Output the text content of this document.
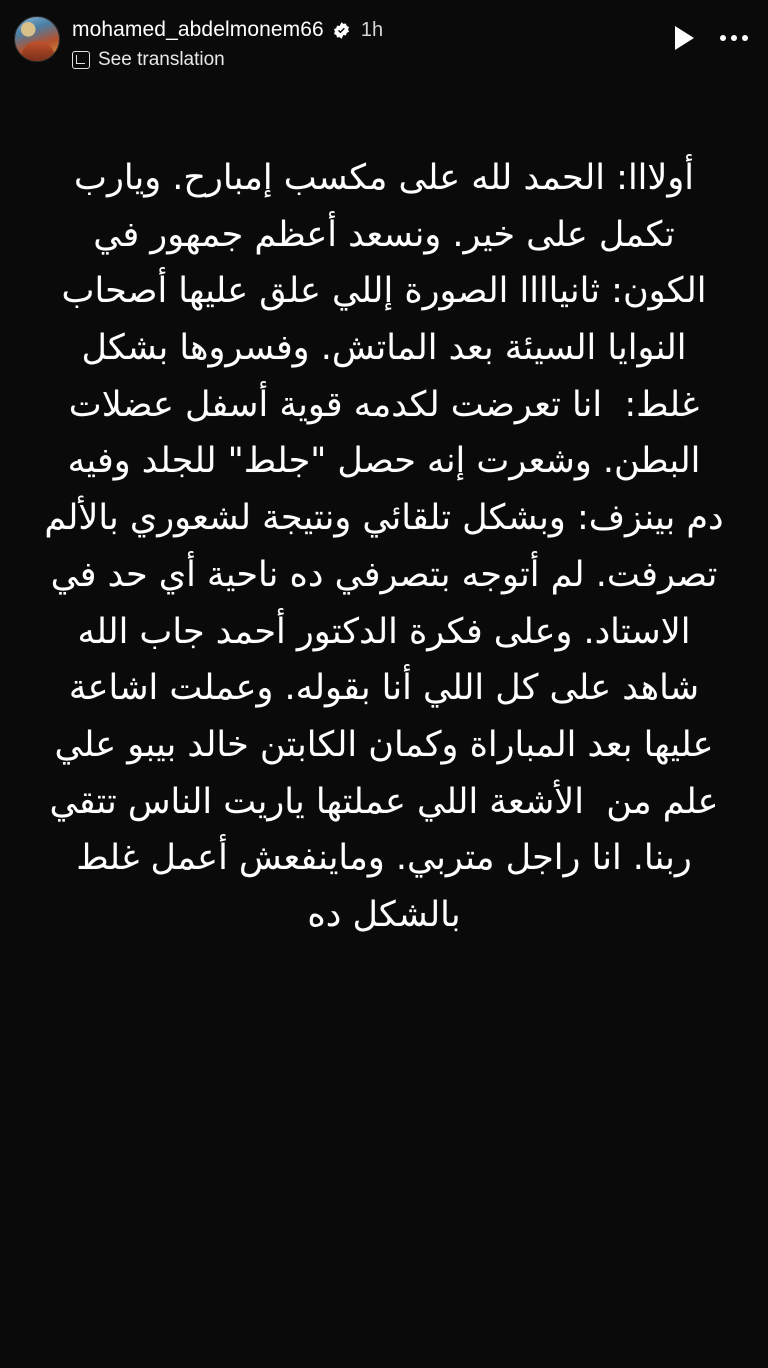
mohamed_abdelmonem66 1h
See translation
أولااا: الحمد لله على مكسب إمبارح. ويارب تكمل على خير. ونسعد أعظم جمهور في الكون: ثانياااا الصورة إللي علق عليها أصحاب النوايا السيئة بعد الماتش. وفسروها بشكل غلط:  انا تعرضت لكدمه قوية أسفل عضلات البطن. وشعرت إنه حصل "جلط" للجلد وفيه دم بينزف: وبشكل تلقائي ونتيجة لشعوري بالألم تصرفت. لم أتوجه بتصرفي ده ناحية أي حد في الاستاد. وعلى فكرة الدكتور أحمد جاب الله شاهد على كل اللي أنا بقوله. وعملت اشاعة عليها بعد المباراة وكمان الكابتن خالد بيبو علي علم من  الأشعة اللي عملتها ياريت الناس تتقي ربنا. انا راجل متربي. وماينفعش أعمل غلط بالشكل ده
